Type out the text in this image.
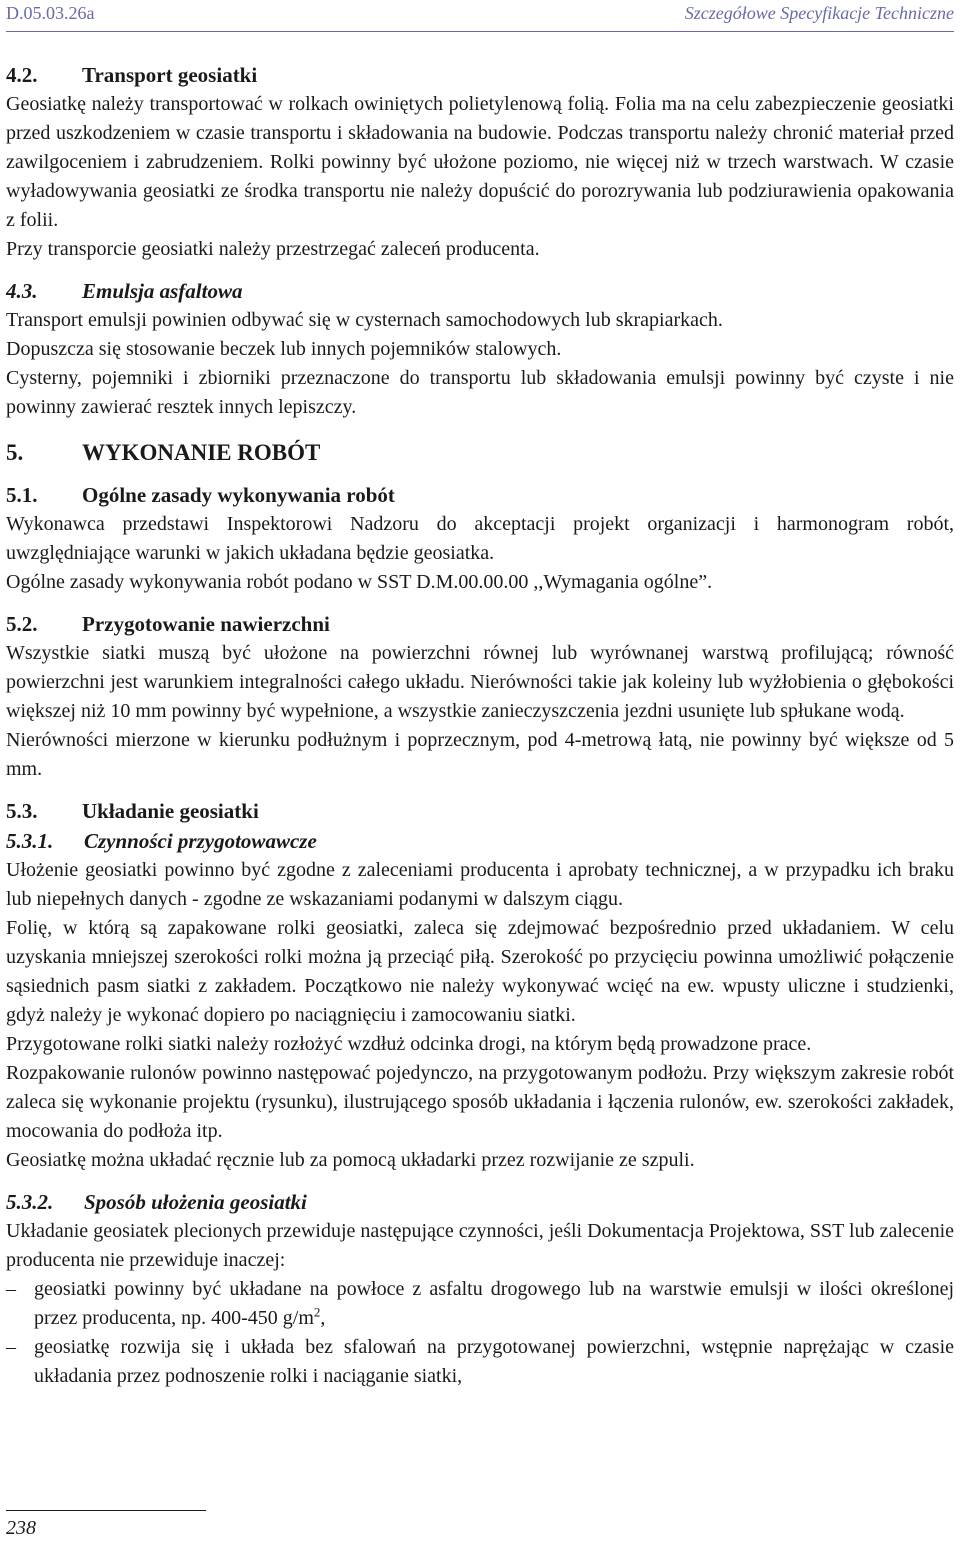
D.05.03.26a	Szczegółowe Specyfikacje Techniczne
4.2. Transport geosiatki

Geosiatkę należy transportować w rolkach owiniętych polietylenową folią. Folia ma na celu zabezpieczenie geosiatki przed uszkodzeniem w czasie transportu i składowania na budowie. Podczas transportu należy chronić materiał przed zawilgoceniem i zabrudzeniem. Rolki powinny być ułożone poziomo, nie więcej niż w trzech warstwach. W czasie wyładowywania geosiatki ze środka transportu nie należy dopuścić do porozrywania lub podziurawienia opakowania z folii.

Przy transporcie geosiatki należy przestrzegać zaleceń producenta.

4.3. Emulsja asfaltowa

Transport emulsji powinien odbywać się w cysternach samochodowych lub skrapiarkach.

Dopuszcza się stosowanie beczek lub innych pojemników stalowych.

Cysterny, pojemniki i zbiorniki przeznaczone do transportu lub składowania emulsji powinny być czyste i nie powinny zawierać resztek innych lepiszczy.

5.	WYKONANIE ROBÓT
5.1. Ogólne zasady wykonywania robót

Wykonawca przedstawi Inspektorowi Nadzoru do akceptacji projekt organizacji i harmonogram robót, uwzględniające warunki w jakich układana będzie geosiatka.

Ogólne zasady wykonywania robót podano w SST D.M.00.00.00 ,,Wymagania ogólne”.

5.2. Przygotowanie nawierzchni

Wszystkie siatki muszą być ułożone na powierzchni równej lub wyrównanej warstwą profilującą; równość powierzchni jest warunkiem integralności całego układu. Nierówności takie jak koleiny lub wyżłobienia o głębokości większej niż 10 mm powinny być wypełnione, a wszystkie zanieczyszczenia jezdni usunięte lub spłukane wodą.

Nierówności mierzone w kierunku podłużnym i poprzecznym, pod 4-metrową łatą, nie powinny być większe od 5 mm.

5.3. Układanie geosiatki
5.3.1. Czynności przygotowawcze

Ułożenie geosiatki powinno być zgodne z zaleceniami producenta i aprobaty technicznej, a w przypadku ich braku lub niepełnych danych - zgodne ze wskazaniami podanymi w dalszym ciągu.

Folię, w którą są zapakowane rolki geosiatki, zaleca się zdejmować bezpośrednio przed układaniem. W celu uzyskania mniejszej szerokości rolki można ją przeciąć piłą. Szerokość po przycięciu powinna umożliwić połączenie sąsiednich pasm siatki z zakładem. Początkowo nie należy wykonywać wcięć na ew. wpusty uliczne i studzienki, gdyż należy je wykonać dopiero po naciągnięciu i zamocowaniu siatki.

Przygotowane rolki siatki należy rozłożyć wzdłuż odcinka drogi, na którym będą prowadzone prace.

Rozpakowanie rulonów powinno następować pojedynczo, na przygotowanym podłożu. Przy większym zakresie robót zaleca się wykonanie projektu (rysunku), ilustrującego sposób układania i łączenia rulonów, ew. szerokości zakładek, mocowania do podłoża itp.

Geosiatkę można układać ręcznie lub za pomocą układarki przez rozwijanie ze szpuli.

5.3.2. Sposób ułożenia geosiatki

Układanie geosiatek plecionych przewiduje następujące czynności, jeśli Dokumentacja Projektowa, SST lub zalecenie producenta nie przewiduje inaczej:

– geosiatki powinny być układane na powłoce z asfaltu drogowego lub na warstwie emulsji w ilości określonej przez producenta, np. 400-450 $g/m^2$,
– geosiatkę rozwija się i układa bez sfalowań na przygotowanej powierzchni, wstępnie naprężając w czasie układania przez podnoszenie rolki i naciąganie siatki,
238
